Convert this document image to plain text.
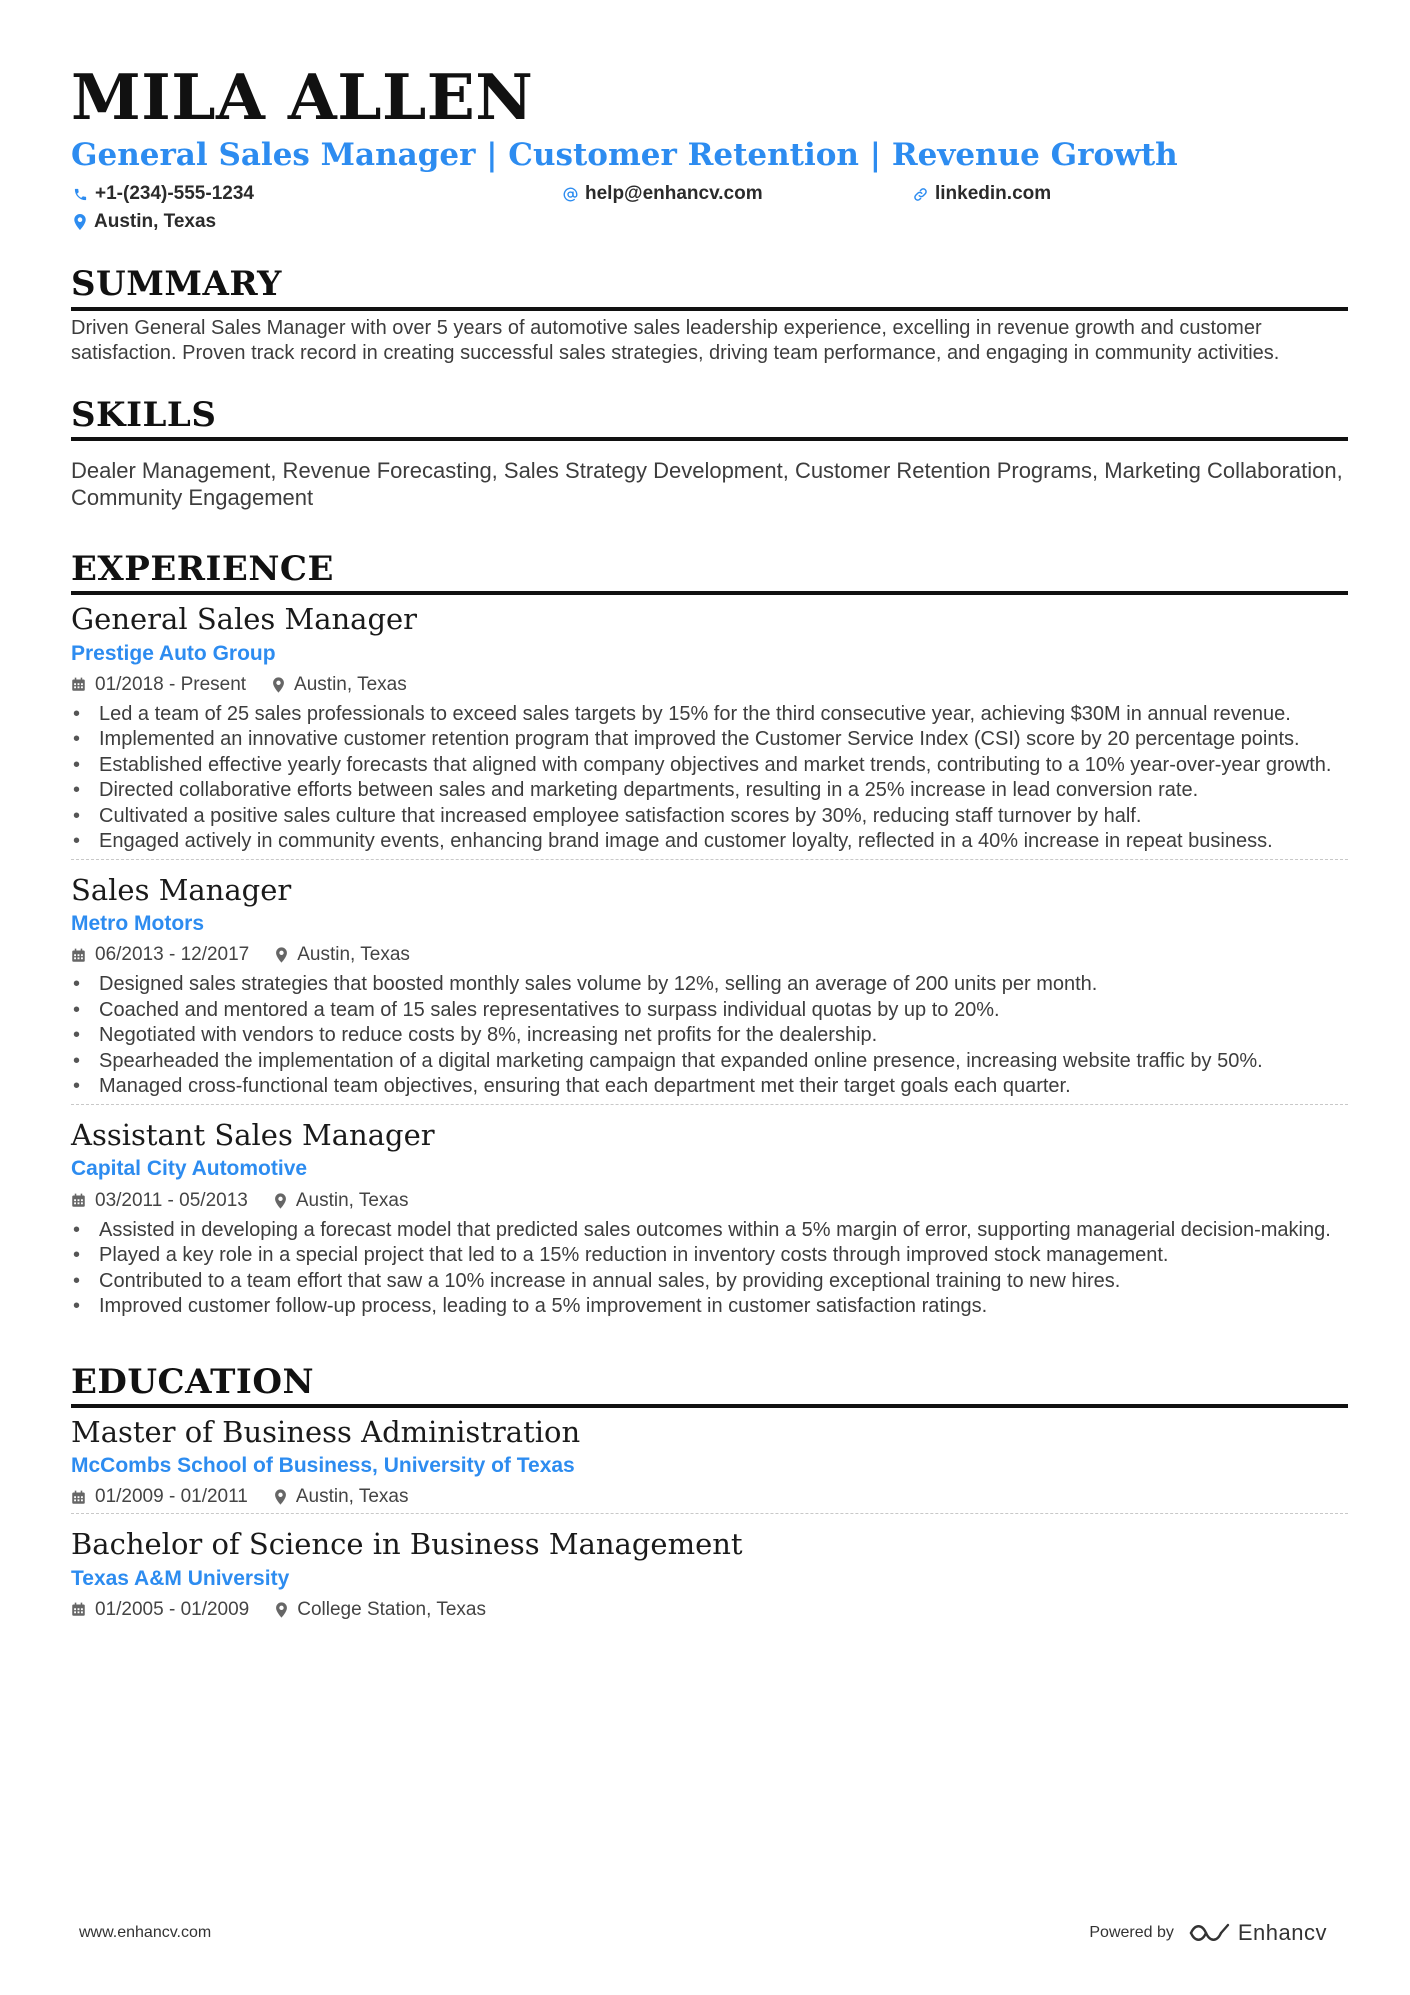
MILA ALLEN
General Sales Manager | Customer Retention | Revenue Growth
+1-(234)-555-1234	help@enhancv.com	linkedin.com
Austin, Texas
SUMMARY
Driven General Sales Manager with over 5 years of automotive sales leadership experience, excelling in revenue growth and customer satisfaction. Proven track record in creating successful sales strategies, driving team performance, and engaging in community activities.
SKILLS
Dealer Management, Revenue Forecasting, Sales Strategy Development, Customer Retention Programs, Marketing Collaboration, Community Engagement
EXPERIENCE
General Sales Manager
Prestige Auto Group
01/2018 - Present	Austin, Texas
• Led a team of 25 sales professionals to exceed sales targets by 15% for the third consecutive year, achieving $30M in annual revenue.
• Implemented an innovative customer retention program that improved the Customer Service Index (CSI) score by 20 percentage points.
• Established effective yearly forecasts that aligned with company objectives and market trends, contributing to a 10% year-over-year growth.
• Directed collaborative efforts between sales and marketing departments, resulting in a 25% increase in lead conversion rate.
• Cultivated a positive sales culture that increased employee satisfaction scores by 30%, reducing staff turnover by half.
• Engaged actively in community events, enhancing brand image and customer loyalty, reflected in a 40% increase in repeat business.
Sales Manager
Metro Motors
06/2013 - 12/2017	Austin, Texas
• Designed sales strategies that boosted monthly sales volume by 12%, selling an average of 200 units per month.
• Coached and mentored a team of 15 sales representatives to surpass individual quotas by up to 20%.
• Negotiated with vendors to reduce costs by 8%, increasing net profits for the dealership.
• Spearheaded the implementation of a digital marketing campaign that expanded online presence, increasing website traffic by 50%.
• Managed cross-functional team objectives, ensuring that each department met their target goals each quarter.
Assistant Sales Manager
Capital City Automotive
03/2011 - 05/2013	Austin, Texas
• Assisted in developing a forecast model that predicted sales outcomes within a 5% margin of error, supporting managerial decision-making.
• Played a key role in a special project that led to a 15% reduction in inventory costs through improved stock management.
• Contributed to a team effort that saw a 10% increase in annual sales, by providing exceptional training to new hires.
• Improved customer follow-up process, leading to a 5% improvement in customer satisfaction ratings.
EDUCATION
Master of Business Administration
McCombs School of Business, University of Texas
01/2009 - 01/2011	Austin, Texas
Bachelor of Science in Business Management
Texas A&M University
01/2005 - 01/2009	College Station, Texas
www.enhancv.com	Powered by	Enhancv
